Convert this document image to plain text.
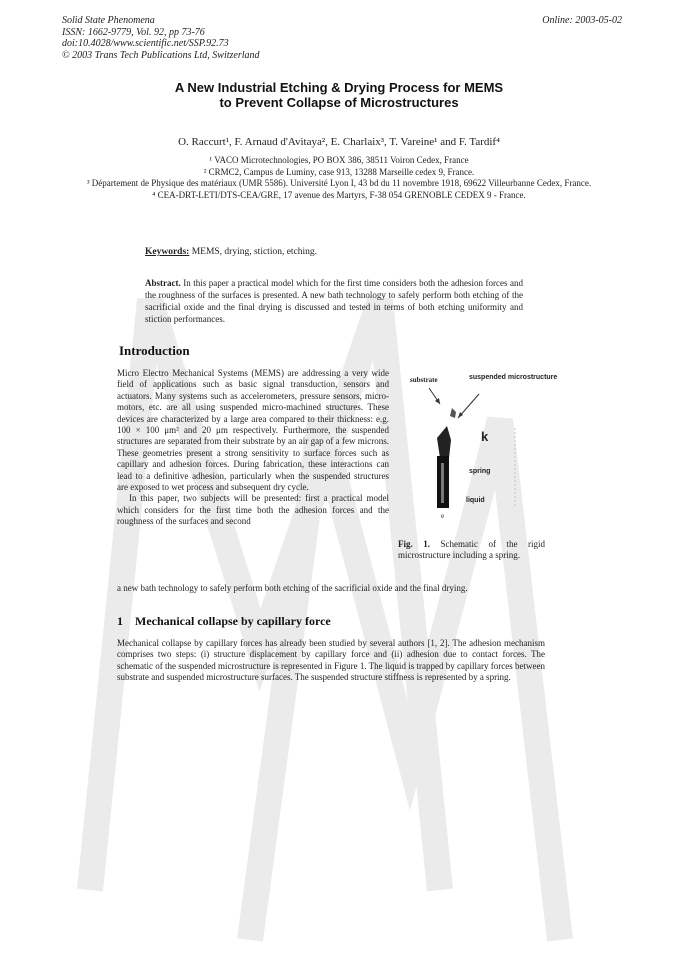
Solid State Phenomena
ISSN: 1662-9779, Vol. 92, pp 73-76
doi:10.4028/www.scientific.net/SSP.92.73
© 2003 Trans Tech Publications Ltd, Switzerland
Online: 2003-05-02
A New Industrial Etching & Drying Process for MEMS
to Prevent Collapse of Microstructures
O. Raccurt¹, F. Arnaud d'Avitaya², E. Charlaix³, T. Vareine¹ and F. Tardif⁴
¹ VACO Microtechnologies, PO BOX 386, 38511 Voiron Cedex, France
² CRMC2, Campus de Luminy, case 913, 13288 Marseille cedex 9, France.
³ Département de Physique des matériaux (UMR 5586). Université Lyon I, 43 bd du 11 novembre 1918, 69622 Villeurbanne Cedex, France.
⁴ CEA-DRT-LETI/DTS-CEA/GRE, 17 avenue des Martyrs, F-38 054 GRENOBLE CEDEX 9 - France.
Keywords: MEMS, drying, stiction, etching.
Abstract. In this paper a practical model which for the first time considers both the adhesion forces and the roughness of the surfaces is presented. A new bath technology to safely perform both etching of the sacrificial oxide and the final drying is discussed and tested in terms of both etching uniformity and stiction performances.
Introduction

Micro Electro Mechanical Systems (MEMS) are addressing a very wide field of applications such as basic signal transduction, sensors and actuators. Many systems such as accelerometers, pressure sensors, micro-motors, etc. are all using suspended micro-machined structures. These devices are characterized by a large area compared to their thickness: e.g. 100 × 100 μm² and 20 μm respectively. Furthermore, the suspended structures are separated from their substrate by an air gap of a few microns. These geometries present a strong sensitivity to surface forces such as capillary and adhesion forces. During fabrication, these interactions can lead to a definitive adhesion, particularly when the suspended structures are exposed to wet process and subsequent dry cycle.

In this paper, two subjects will be presented: first a practical model which considers for the first time both the adhesion forces and the roughness of the surfaces and second

substrate	suspended microstructure
e
k
spring
liquid
Fig. 1. Schematic of the rigid microstructure including a spring.
a new bath technology to safely perform both etching of the sacrificial oxide and the final drying.
1 Mechanical collapse by capillary force
Mechanical collapse by capillary forces has already been studied by several authors [1, 2]. The adhesion mechanism comprises two steps: (i) structure displacement by capillary force and (ii) adhesion due to contact forces. The schematic of the suspended microstructure is represented in Figure 1. The liquid is trapped by capillary forces between substrate and suspended microstructure surfaces. The suspended structure stiffness is represented by a spring.
